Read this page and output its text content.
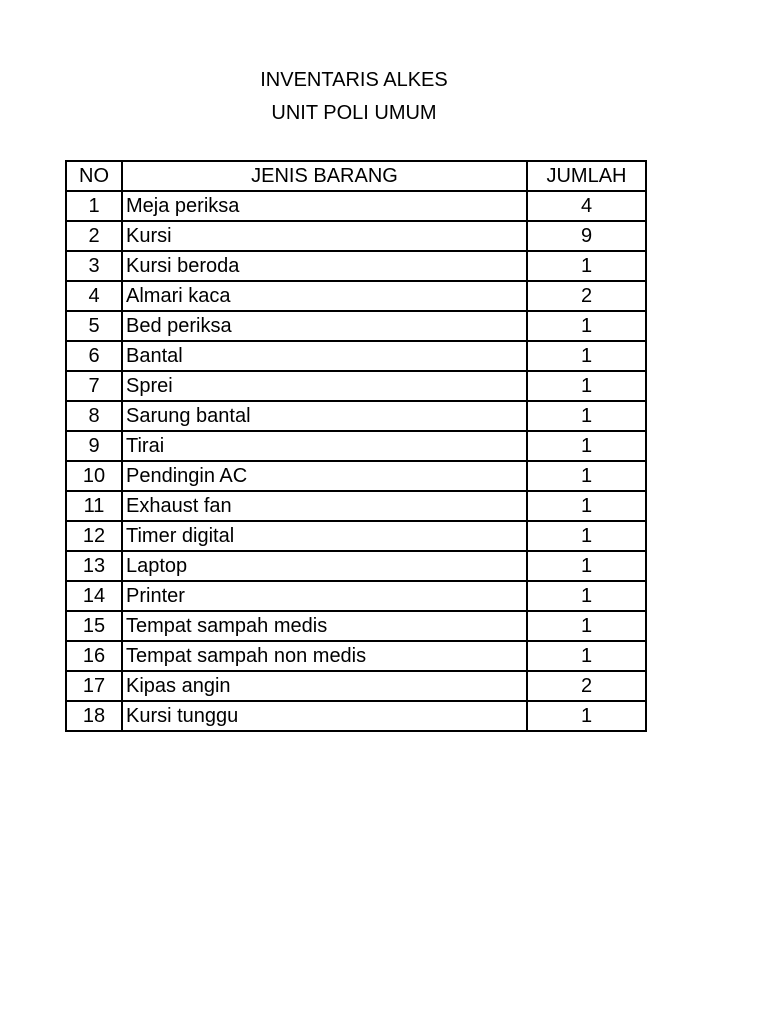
INVENTARIS ALKES
UNIT POLI UMUM
NO	JENIS BARANG	JUMLAH
1	Meja periksa	4
2	Kursi	9
3	Kursi beroda	1
4	Almari kaca	2
5	Bed periksa	1
6	Bantal	1
7	Sprei	1
8	Sarung bantal	1
9	Tirai	1
10	Pendingin AC	1
11	Exhaust fan	1
12	Timer digital	1
13	Laptop	1
14	Printer	1
15	Tempat sampah medis	1
16	Tempat sampah non medis	1
17	Kipas angin	2
18	Kursi tunggu	1
